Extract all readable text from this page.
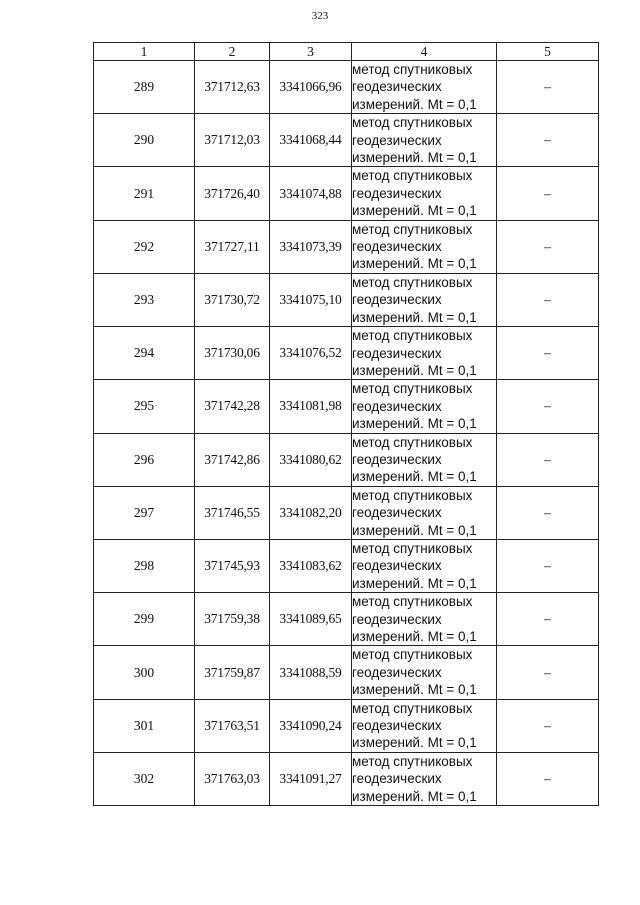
323
1	2	3	4	5
289	371712,63	3341066,96	метод спутниковых
геодезических
измерений. Mt = 0,1	–
290	371712,03	3341068,44	метод спутниковых
геодезических
измерений. Mt = 0,1	–
291	371726,40	3341074,88	метод спутниковых
геодезических
измерений. Mt = 0,1	–
292	371727,11	3341073,39	метод спутниковых
геодезических
измерений. Mt = 0,1	–
293	371730,72	3341075,10	метод спутниковых
геодезических
измерений. Mt = 0,1	–
294	371730,06	3341076,52	метод спутниковых
геодезических
измерений. Mt = 0,1	–
295	371742,28	3341081,98	метод спутниковых
геодезических
измерений. Mt = 0,1	–
296	371742,86	3341080,62	метод спутниковых
геодезических
измерений. Mt = 0,1	–
297	371746,55	3341082,20	метод спутниковых
геодезических
измерений. Mt = 0,1	–
298	371745,93	3341083,62	метод спутниковых
геодезических
измерений. Mt = 0,1	–
299	371759,38	3341089,65	метод спутниковых
геодезических
измерений. Mt = 0,1	–
300	371759,87	3341088,59	метод спутниковых
геодезических
измерений. Mt = 0,1	–
301	371763,51	3341090,24	метод спутниковых
геодезических
измерений. Mt = 0,1	–
302	371763,03	3341091,27	метод спутниковых
геодезических
измерений. Mt = 0,1	–
